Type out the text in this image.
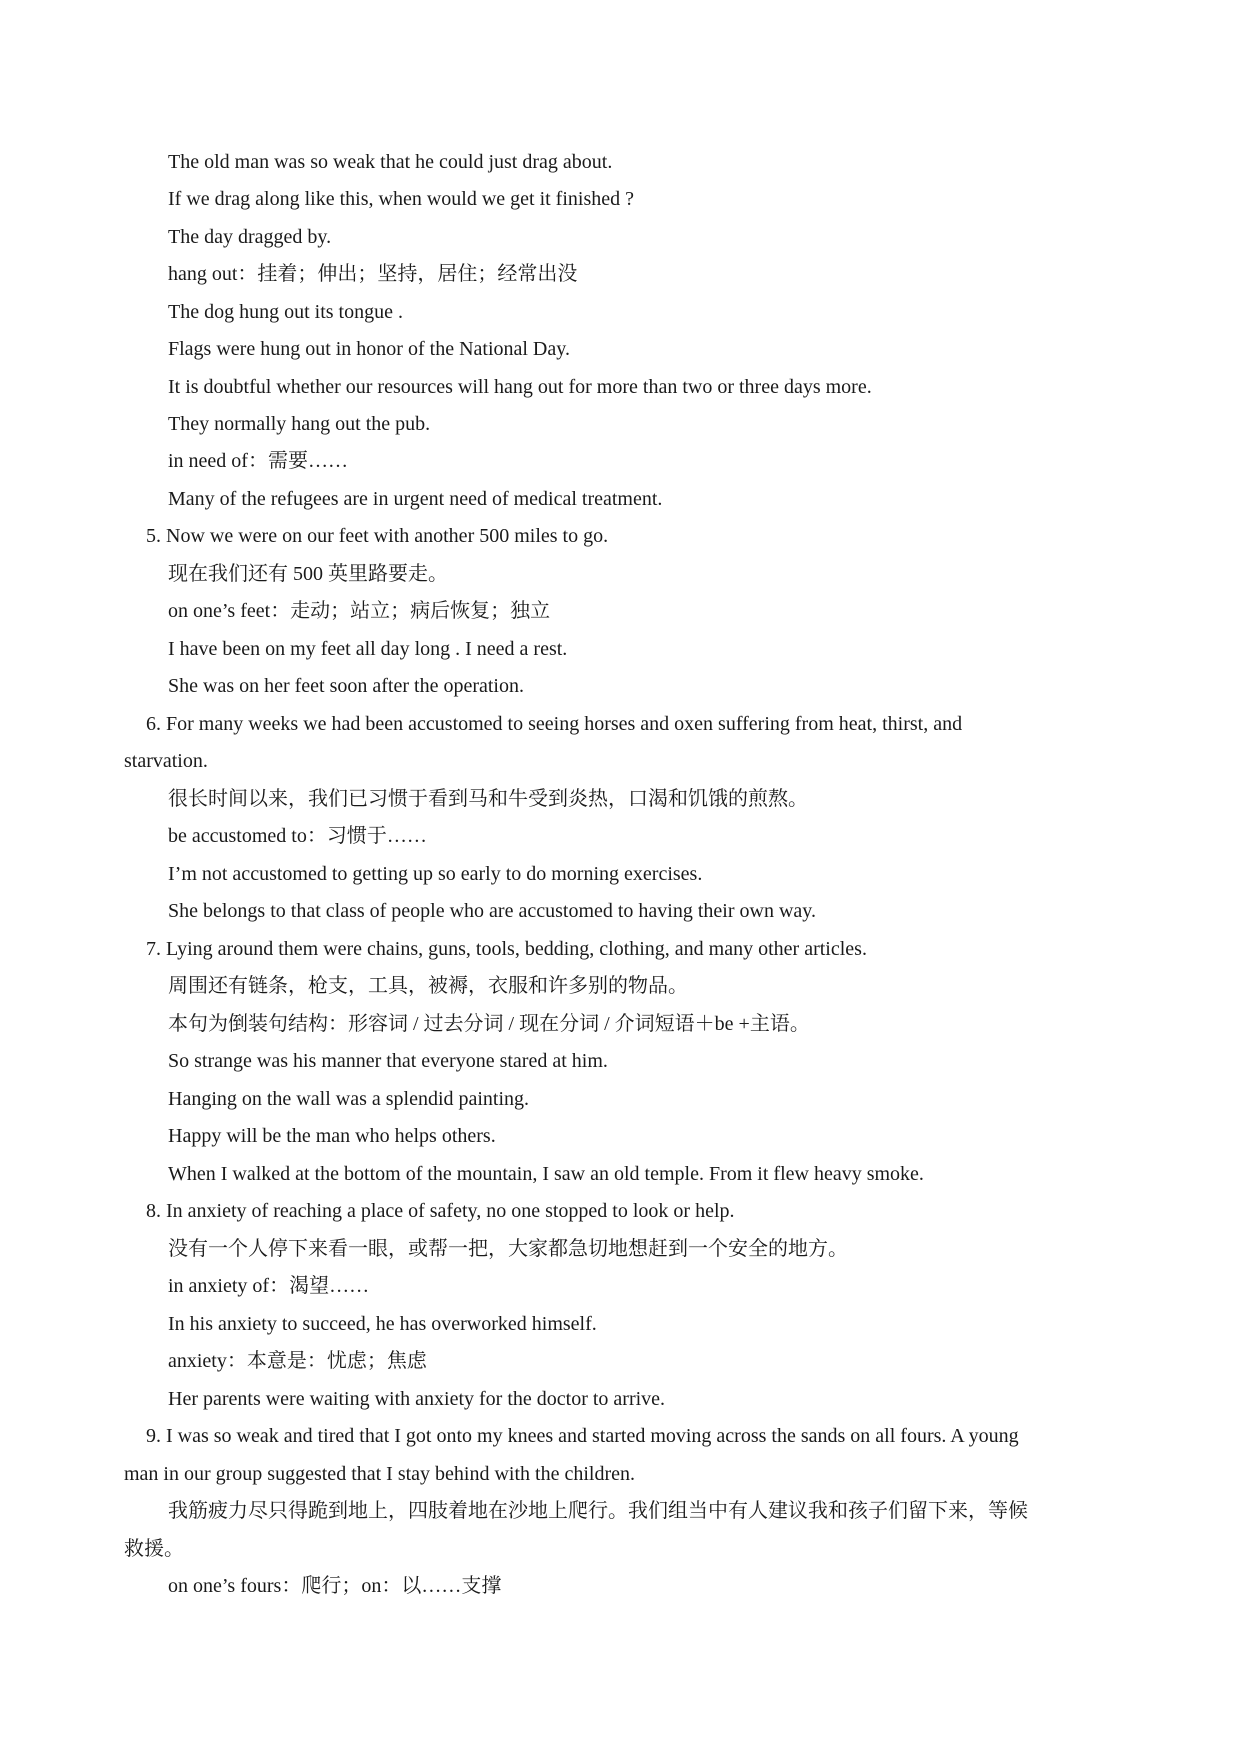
The old man was so weak that he could just drag about.
If we drag along like this, when would we get it finished ?
The day dragged by.
hang out：挂着；伸出；坚持，居住；经常出没
The dog hung out its tongue .
Flags were hung out in honor of the National Day.
It is doubtful whether our resources will hang out for more than two or three days more.
They normally hang out the pub.
in need of：需要……
Many of the refugees are in urgent need of medical treatment.
5. Now we were on our feet with another 500 miles to go.
现在我们还有 500 英里路要走。
on one’s feet：走动；站立；病后恢复；独立
I have been on my feet all day long . I need a rest.
She was on her feet soon after the operation.
6. For many weeks we had been accustomed to seeing horses and oxen suffering from heat, thirst, and
starvation.
很长时间以来，我们已习惯于看到马和牛受到炎热，口渴和饥饿的煎熬。
be accustomed to：习惯于……
I’m not accustomed to getting up so early to do morning exercises.
She belongs to that class of people who are accustomed to having their own way.
7. Lying around them were chains, guns, tools, bedding, clothing, and many other articles.
周围还有链条，枪支，工具，被褥，衣服和许多别的物品。
本句为倒装句结构：形容词 / 过去分词 / 现在分词 / 介词短语＋be +主语。
So strange was his manner that everyone stared at him.
Hanging on the wall was a splendid painting.
Happy will be the man who helps others.
When I walked at the bottom of the mountain, I saw an old temple. From it flew heavy smoke.
8. In anxiety of reaching a place of safety, no one stopped to look or help.
没有一个人停下来看一眼，或帮一把，大家都急切地想赶到一个安全的地方。
in anxiety of：渴望……
In his anxiety to succeed, he has overworked himself.
anxiety：本意是：忧虑；焦虑
Her parents were waiting with anxiety for the doctor to arrive.
9. I was so weak and tired that I got onto my knees and started moving across the sands on all fours. A young
man in our group suggested that I stay behind with the children.
我筋疲力尽只得跪到地上，四肢着地在沙地上爬行。我们组当中有人建议我和孩子们留下来，等候
救援。
on one’s fours：爬行；on：以……支撑
